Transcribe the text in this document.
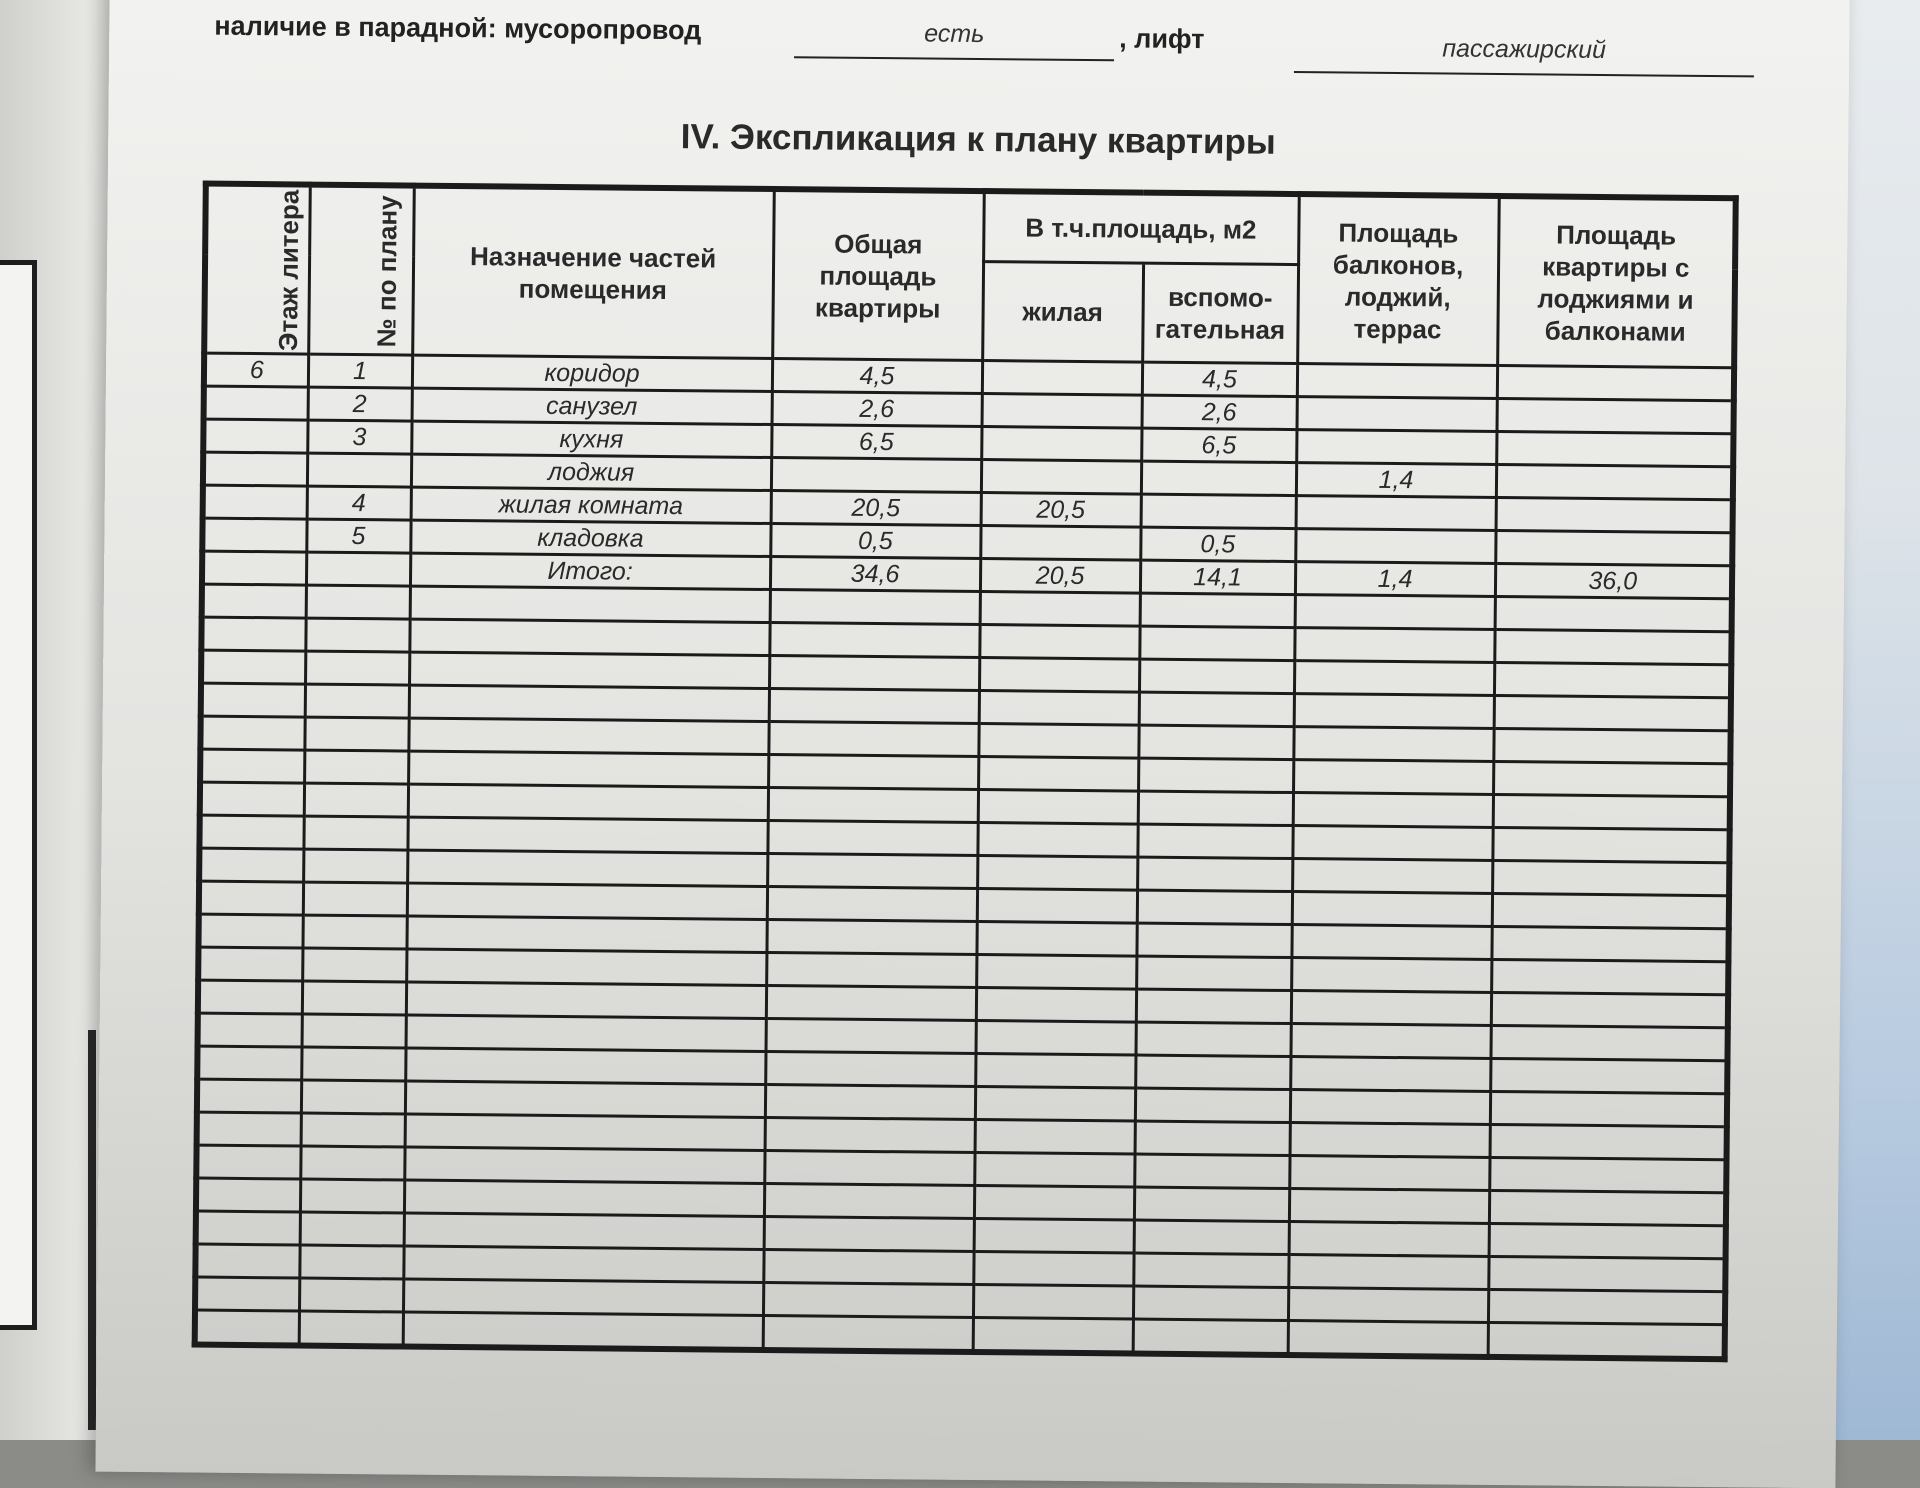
наличие в парадной: мусоропровод	есть	, лифт	пассажирский
IV. Экспликация к плану квартиры
Этаж литера	№ по плану	Назначение частей помещения	Общая площадь квартиры	В т.ч.площадь, м2		Площадь балконов, лоджий, террас	Площадь квартиры с лоджиями и балконами
				жилая	вспомо-гательная		
6	1	коридор	4,5		4,5		
	2	санузел	2,6		2,6		
	3	кухня	6,5		6,5		
		лоджия				1,4	
	4	жилая комната	20,5	20,5			
	5	кладовка	0,5		0,5		
		Итого:	34,6	20,5	14,1	1,4	36,0
